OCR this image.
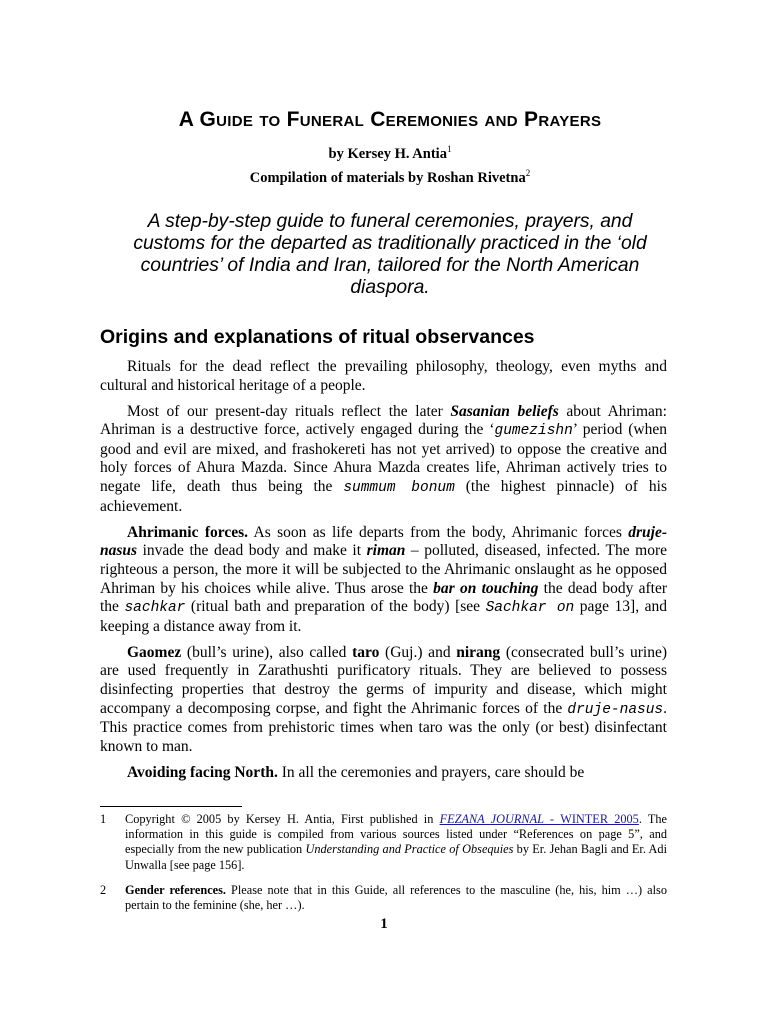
A Guide to Funeral Ceremonies and Prayers
by Kersey H. Antia$^1$
Compilation of materials by Roshan Rivetna$^2$
A step-by-step guide to funeral ceremonies, prayers, and customs for the departed as traditionally practiced in the ‘old countries’ of India and Iran, tailored for the North American diaspora.
Origins and explanations of ritual observances

Rituals for the dead reflect the prevailing philosophy, theology, even myths and cultural and historical heritage of a people.

Most of our present-day rituals reflect the later Sasanian beliefs about Ahriman: Ahriman is a destructive force, actively engaged during the ‘gumezishn’ period (when good and evil are mixed, and frashokereti has not yet arrived) to oppose the creative and holy forces of Ahura Mazda. Since Ahura Mazda creates life, Ahriman actively tries to negate life, death thus being the summum bonum (the highest pinnacle) of his achievement.

Ahrimanic forces. As soon as life departs from the body, Ahrimanic forces druje-nasus invade the dead body and make it riman – polluted, diseased, infected. The more righteous a person, the more it will be subjected to the Ahrimanic onslaught as he opposed Ahriman by his choices while alive. Thus arose the bar on touching the dead body after the sachkar (ritual bath and preparation of the body) [see Sachkar on page 13], and keeping a distance away from it.

Gaomez (bull’s urine), also called taro (Guj.) and nirang (consecrated bull’s urine) are used frequently in Zarathushti purificatory rituals. They are believed to possess disinfecting properties that destroy the germs of impurity and disease, which might accompany a decomposing corpse, and fight the Ahrimanic forces of the druje-nasus. This practice comes from prehistoric times when taro was the only (or best) disinfectant known to man.

Avoiding facing North. In all the ceremonies and prayers, care should be

1 Copyright © 2005 by Kersey H. Antia, First published in FEZANA JOURNAL - WINTER 2005. The information in this guide is compiled from various sources listed under “References on page 5”, and especially from the new publication Understanding and Practice of Obsequies by Er. Jehan Bagli and Er. Adi Unwalla [see page 156].
2 Gender references. Please note that in this Guide, all references to the masculine (he, his, him …) also pertain to the feminine (she, her …).
1
